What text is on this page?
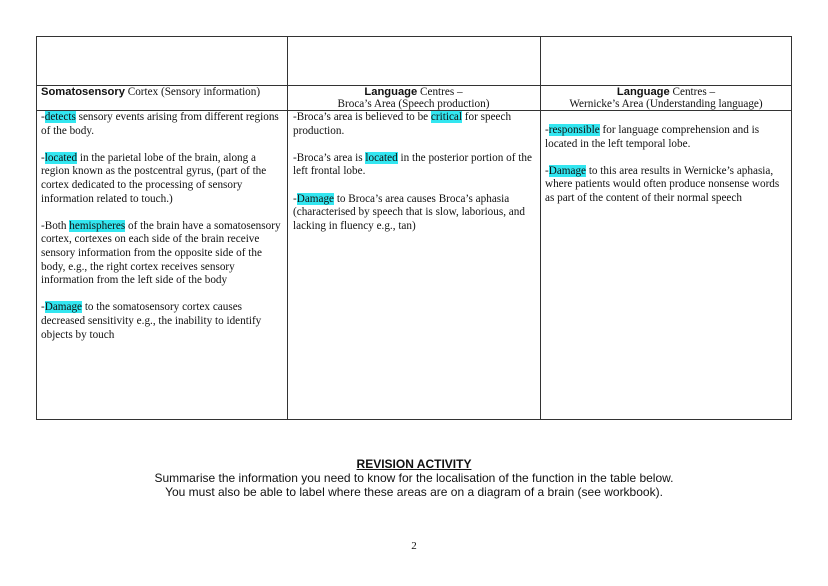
Somatosensory Cortex (Sensory information)	Language Centres –
Broca’s Area (Speech production)
Language Centres –
Wernicke’s Area (Understanding language)

-detects sensory events arising from different regions of the body.

-located in the parietal lobe of the brain, along a region known as the postcentral gyrus, (part of the cortex dedicated to the processing of sensory information related to touch.)

-Both hemispheres of the brain have a somatosensory cortex, cortexes on each side of the brain receive sensory information from the opposite side of the body, e.g., the right cortex receives sensory information from the left side of the body

-Damage to the somatosensory cortex causes decreased sensitivity e.g., the inability to identify objects by touch

-Broca’s area is believed to be critical for speech production.

-Broca’s area is located in the posterior portion of the left frontal lobe.

-Damage to Broca’s area causes Broca’s aphasia (characterised by speech that is slow, laborious, and lacking in fluency e.g., tan)

-responsible for language comprehension and is located in the left temporal lobe.

-Damage to this area results in Wernicke’s aphasia, where patients would often produce nonsense words as part of the content of their normal speech

REVISION ACTIVITY
Summarise the information you need to know for the localisation of the function in the table below.
You must also be able to label where these areas are on a diagram of a brain (see workbook).
2
